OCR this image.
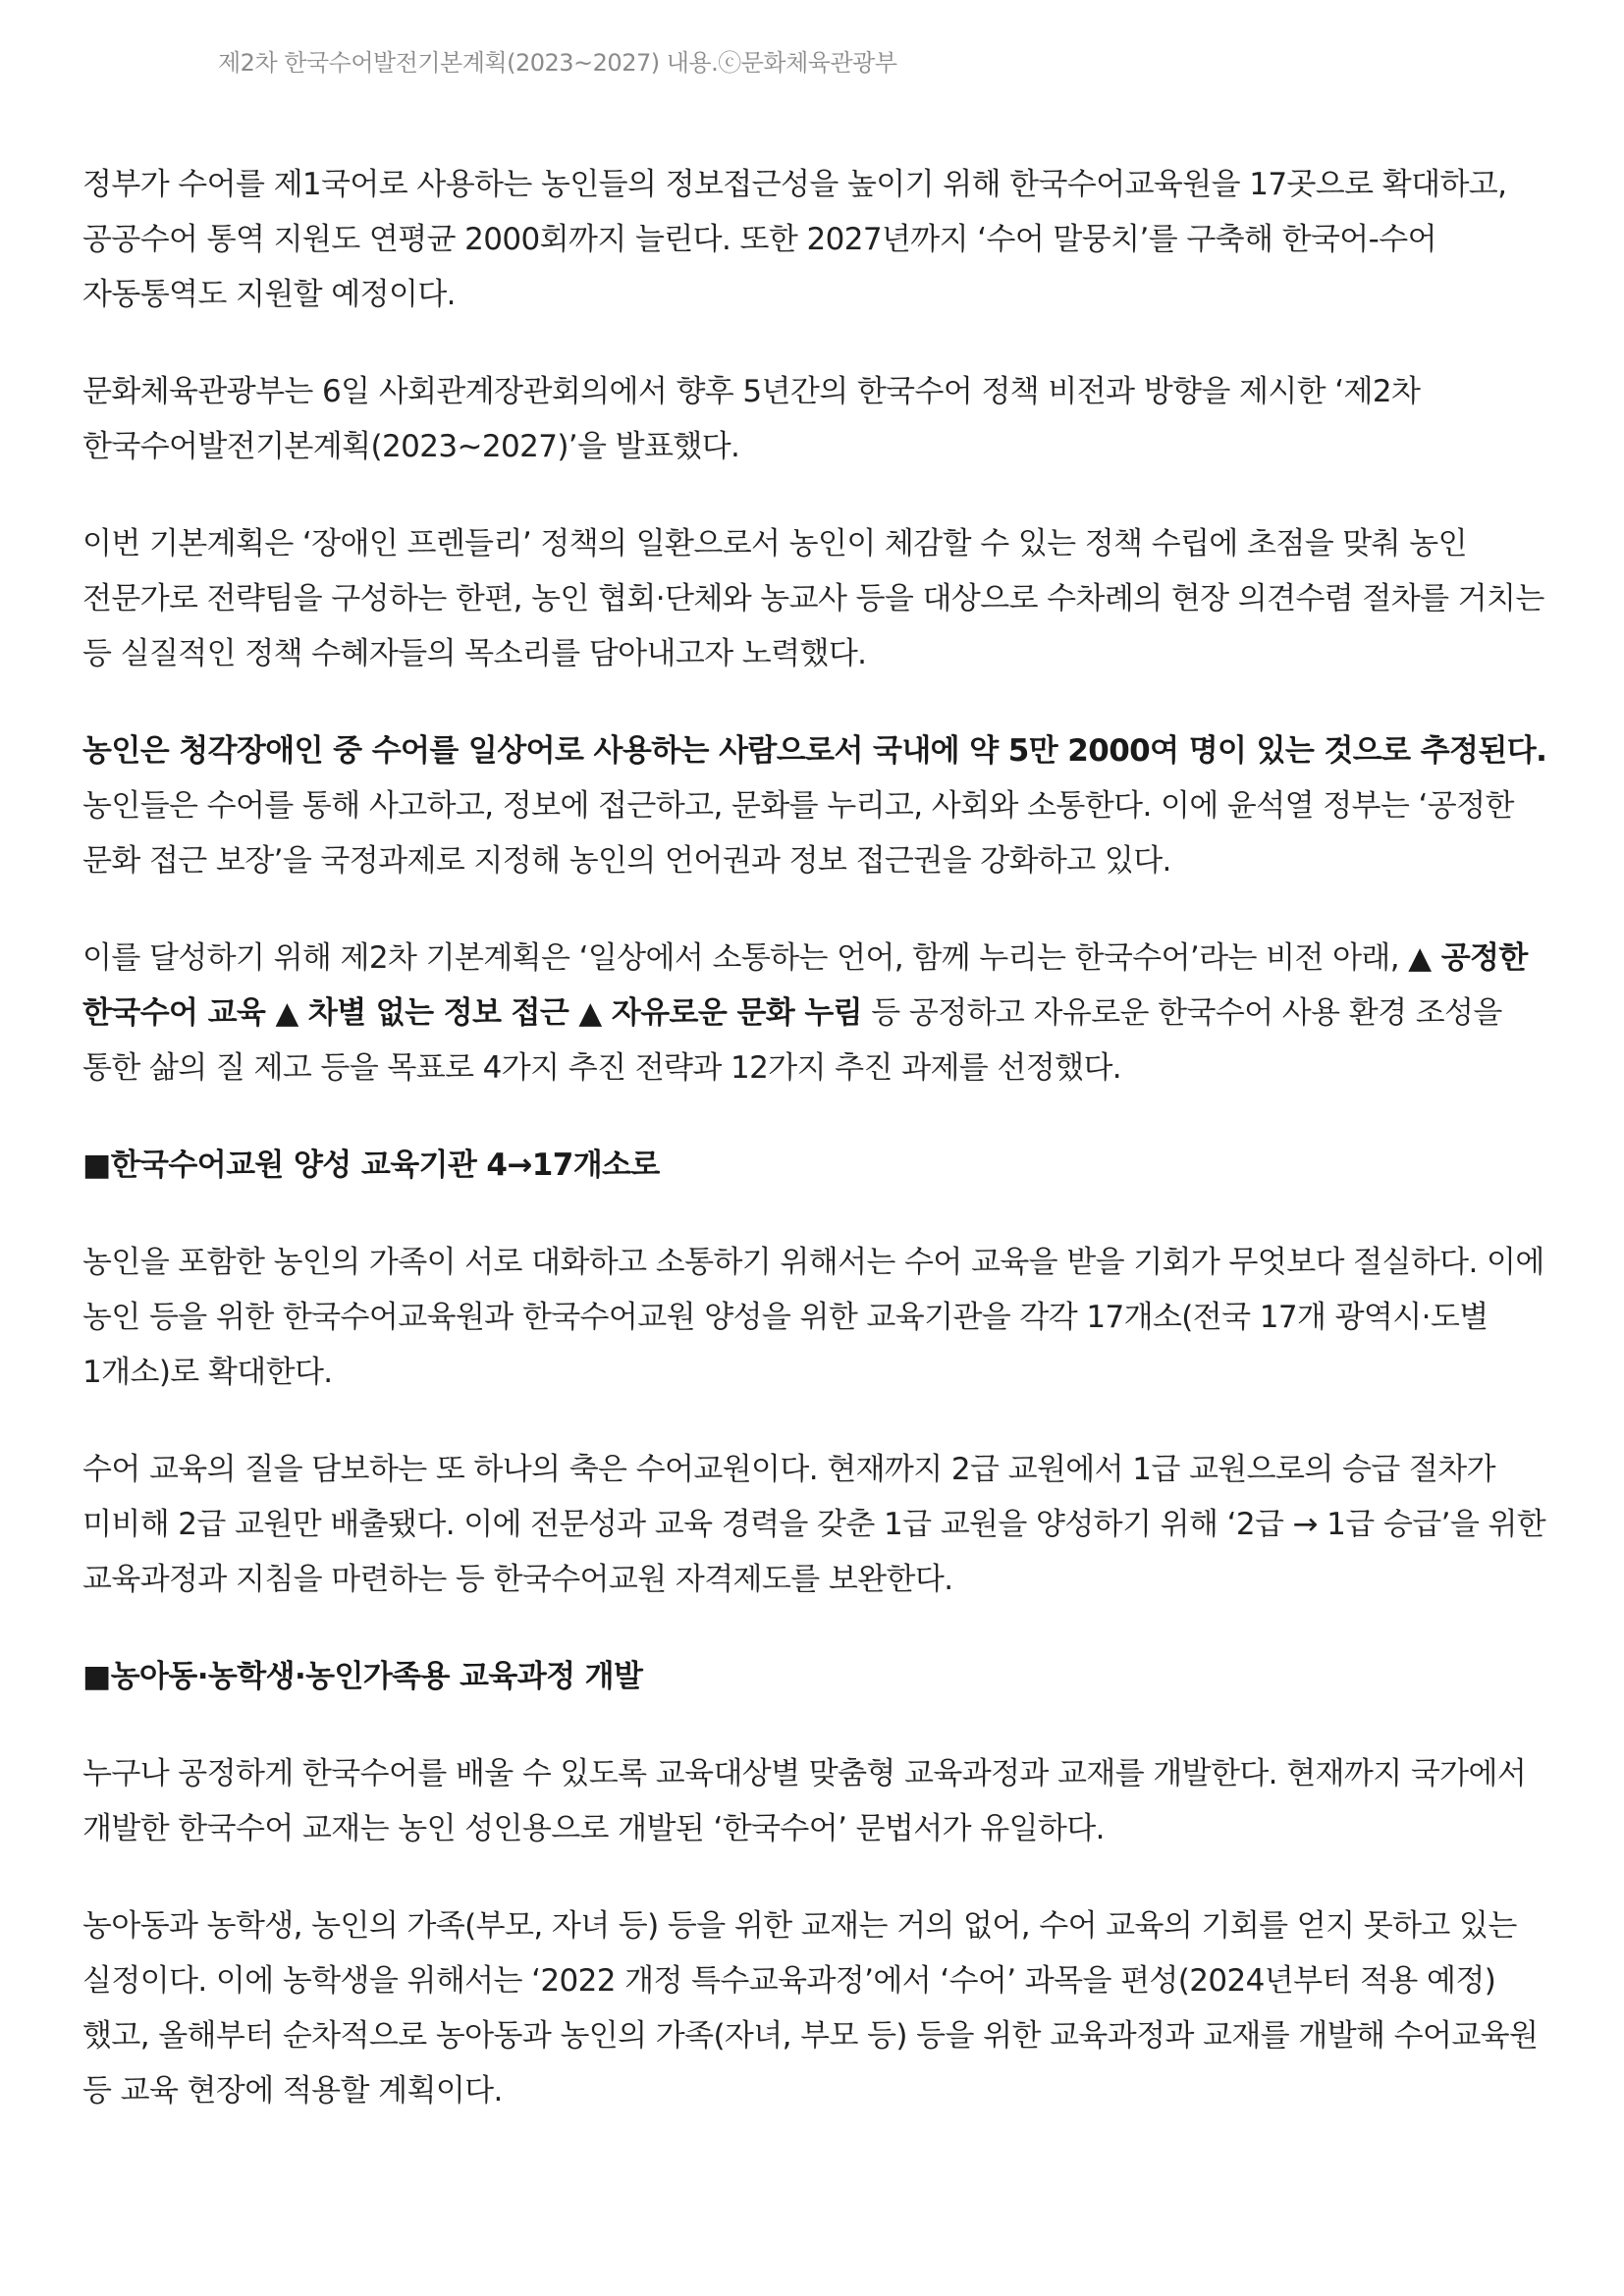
제2차 한국수어발전기본계획(2023~2027) 내용.ⓒ문화체육관광부

정부가 수어를 제1국어로 사용하는 농인들의 정보접근성을 높이기 위해 한국수어교육원을 17곳으로 확대하고, 공공수어 통역 지원도 연평균 2000회까지 늘린다. 또한 2027년까지 ‘수어 말뭉치’를 구축해 한국어-수어 자동통역도 지원할 예정이다.

문화체육관광부는 6일 사회관계장관회의에서 향후 5년간의 한국수어 정책 비전과 방향을 제시한 ‘제2차 한국수어발전기본계획(2023~2027)’을 발표했다.

이번 기본계획은 ‘장애인 프렌들리’ 정책의 일환으로서 농인이 체감할 수 있는 정책 수립에 초점을 맞춰 농인 전문가로 전략팀을 구성하는 한편, 농인 협회·단체와 농교사 등을 대상으로 수차례의 현장 의견수렴 절차를 거치는 등 실질적인 정책 수혜자들의 목소리를 담아내고자 노력했다.

농인은 청각장애인 중 수어를 일상어로 사용하는 사람으로서 국내에 약 5만 2000여 명이 있는 것으로 추정된다. 농인들은 수어를 통해 사고하고, 정보에 접근하고, 문화를 누리고, 사회와 소통한다. 이에 윤석열 정부는 ‘공정한 문화 접근 보장’을 국정과제로 지정해 농인의 언어권과 정보 접근권을 강화하고 있다.

이를 달성하기 위해 제2차 기본계획은 ‘일상에서 소통하는 언어, 함께 누리는 한국수어’라는 비전 아래, ▲ 공정한 한국수어 교육 ▲ 차별 없는 정보 접근 ▲ 자유로운 문화 누림 등 공정하고 자유로운 한국수어 사용 환경 조성을 통한 삶의 질 제고 등을 목표로 4가지 추진 전략과 12가지 추진 과제를 선정했다.

■한국수어교원 양성 교육기관 4→17개소로

농인을 포함한 농인의 가족이 서로 대화하고 소통하기 위해서는 수어 교육을 받을 기회가 무엇보다 절실하다. 이에 농인 등을 위한 한국수어교육원과 한국수어교원 양성을 위한 교육기관을 각각 17개소(전국 17개 광역시·도별 1개소)로 확대한다.

수어 교육의 질을 담보하는 또 하나의 축은 수어교원이다. 현재까지 2급 교원에서 1급 교원으로의 승급 절차가 미비해 2급 교원만 배출됐다. 이에 전문성과 교육 경력을 갖춘 1급 교원을 양성하기 위해 ‘2급 → 1급 승급’을 위한 교육과정과 지침을 마련하는 등 한국수어교원 자격제도를 보완한다.

■농아동·농학생·농인가족용 교육과정 개발

누구나 공정하게 한국수어를 배울 수 있도록 교육대상별 맞춤형 교육과정과 교재를 개발한다. 현재까지 국가에서 개발한 한국수어 교재는 농인 성인용으로 개발된 ‘한국수어’ 문법서가 유일하다.

농아동과 농학생, 농인의 가족(부모, 자녀 등) 등을 위한 교재는 거의 없어, 수어 교육의 기회를 얻지 못하고 있는 실정이다. 이에 농학생을 위해서는 ‘2022 개정 특수교육과정’에서 ‘수어’ 과목을 편성(2024년부터 적용 예정)했고, 올해부터 순차적으로 농아동과 농인의 가족(자녀, 부모 등) 등을 위한 교육과정과 교재를 개발해 수어교육원 등 교육 현장에 적용할 계획이다.
